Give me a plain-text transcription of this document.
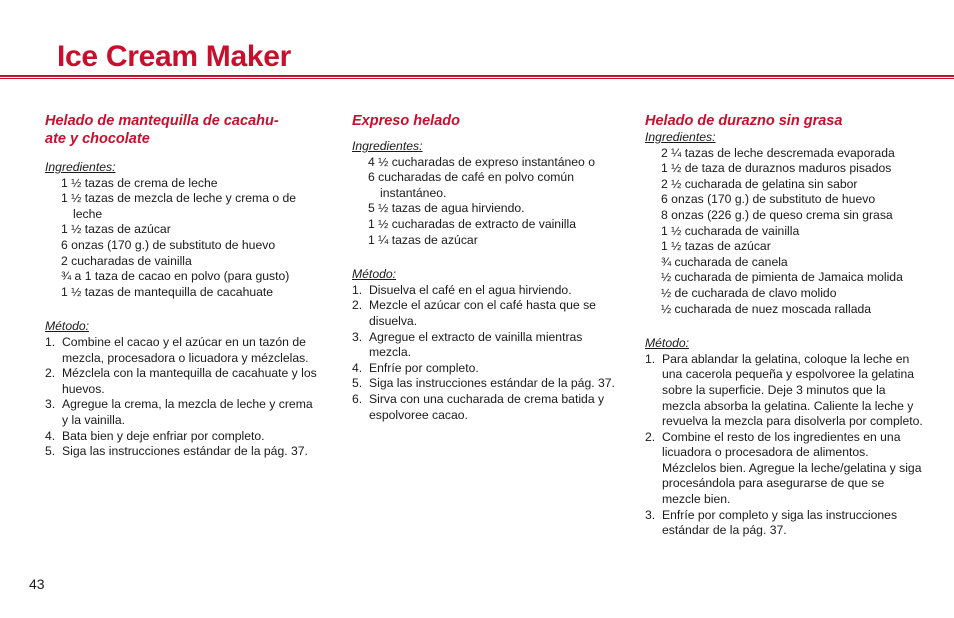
Ice Cream Maker
Helado de mantequilla de cacahu-
ate y chocolate
Ingredientes:
1 ½ tazas de crema de leche
1 ½ tazas de mezcla de leche y crema o de leche
1 ½ tazas de azúcar
6 onzas (170 g.) de substituto de huevo
2 cucharadas de vainilla
¾ a 1 taza de cacao en polvo (para gusto)
1 ½ tazas de mantequilla de cacahuate
Método:
1. Combine el cacao y el azúcar en un tazón de mezcla, procesadora o licuadora y mézclelas.
2. Mézclela con la mantequilla de cacahuate y los huevos.
3. Agregue la crema, la mezcla de leche y crema y la vainilla.
4. Bata bien y deje enfriar por completo.
5. Siga las instrucciones estándar de la pág. 37.
Expreso helado
Ingredientes:
4 ½ cucharadas de expreso instantáneo o
6 cucharadas de café en polvo común instantáneo.
5 ½ tazas de agua hirviendo.
1 ½ cucharadas de extracto de vainilla
1 ¼ tazas de azúcar
Método:
1. Disuelva el café en el agua hirviendo.
2. Mezcle el azúcar con el café hasta que se disuelva.
3. Agregue el extracto de vainilla mientras mezcla.
4. Enfríe por completo.
5. Siga las instrucciones estándar de la pág. 37.
6. Sirva con una cucharada de crema batida y espolvoree cacao.
Helado de durazno sin grasa
Ingredientes:
2 ¼ tazas de leche descremada evaporada
1 ½ de taza de duraznos maduros pisados
2 ½ cucharada de gelatina sin sabor
6 onzas (170 g.) de substituto de huevo
8 onzas (226 g.) de queso crema sin grasa
1 ½ cucharada de vainilla
1 ½ tazas de azúcar
¾ cucharada de canela
½ cucharada de pimienta de Jamaica molida
½ de cucharada de clavo molido
½ cucharada de nuez moscada rallada
Método:
1. Para ablandar la gelatina, coloque la leche en una cacerola pequeña y espolvoree la gelatina sobre la superficie. Deje 3 minutos que la mezcla absorba la gelatina. Caliente la leche y revuelva la mezcla para disolverla por completo.
2. Combine el resto de los ingredientes en una licuadora o procesadora de alimentos. Mézclelos bien. Agregue la leche/gelatina y siga
procesándola para asegurarse de que se mezcle bien.
3. Enfríe por completo y siga las instrucciones estándar de la pág. 37.
43
